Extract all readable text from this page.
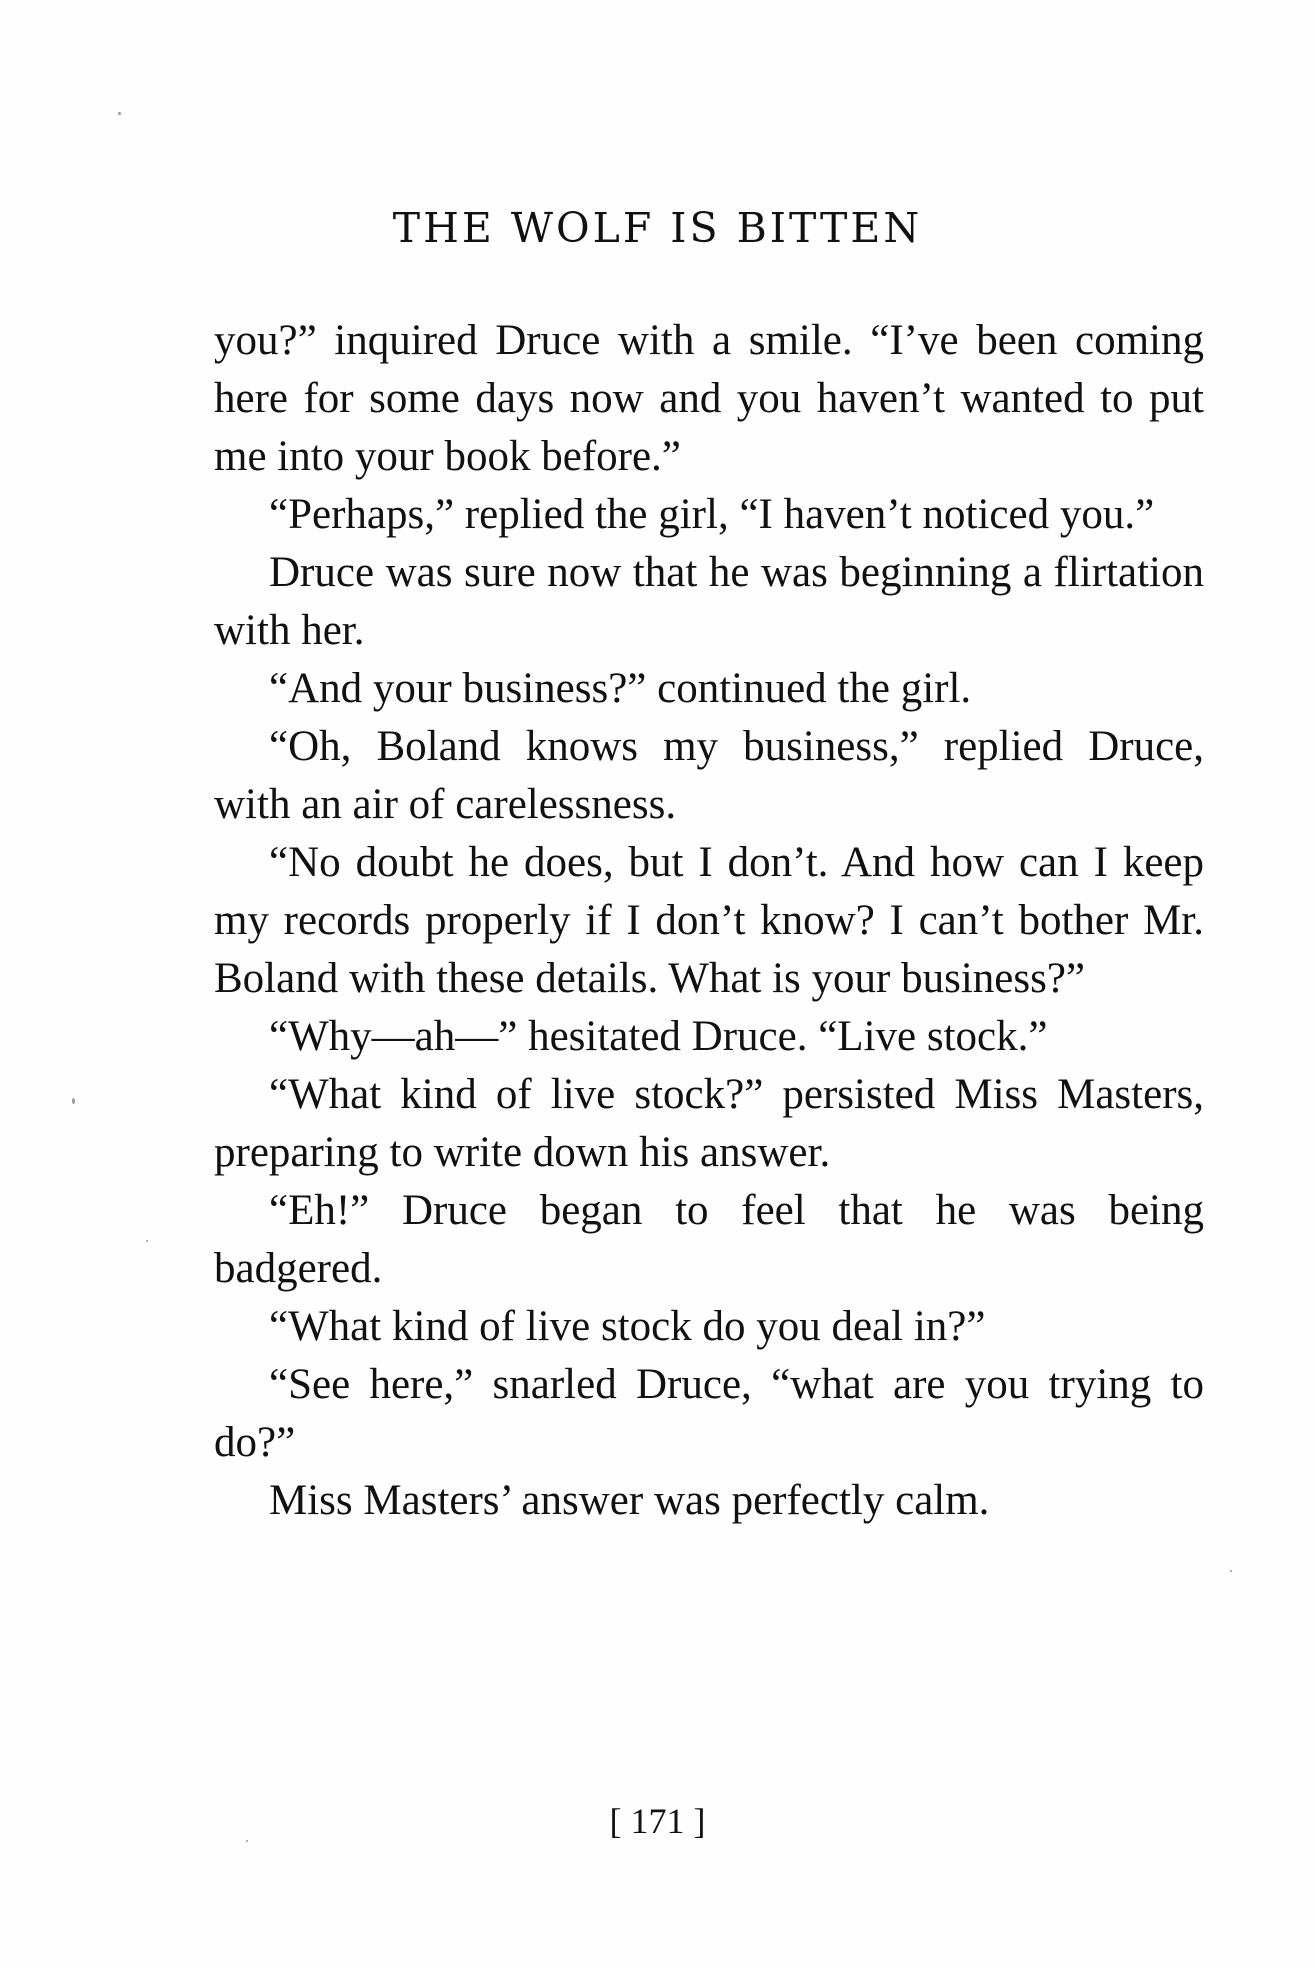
THE WOLF IS BITTEN

you?” inquired Druce with a smile. “I’ve been coming here for some days now and you haven’t wanted to put me into your book before.”

“Perhaps,” replied the girl, “I haven’t noticed you.”

Druce was sure now that he was beginning a flirtation with her.

“And your business?” continued the girl.

“Oh, Boland knows my business,” replied Druce, with an air of carelessness.

“No doubt he does, but I don’t. And how can I keep my records properly if I don’t know? I can’t bother Mr. Boland with these details. What is your business?”

“Why—ah—” hesitated Druce. “Live stock.”

“What kind of live stock?” persisted Miss Masters, preparing to write down his answer.

“Eh!” Druce began to feel that he was being badgered.

“What kind of live stock do you deal in?”

“See here,” snarled Druce, “what are you trying to do?”

Miss Masters’ answer was perfectly calm.

[ 171 ]
